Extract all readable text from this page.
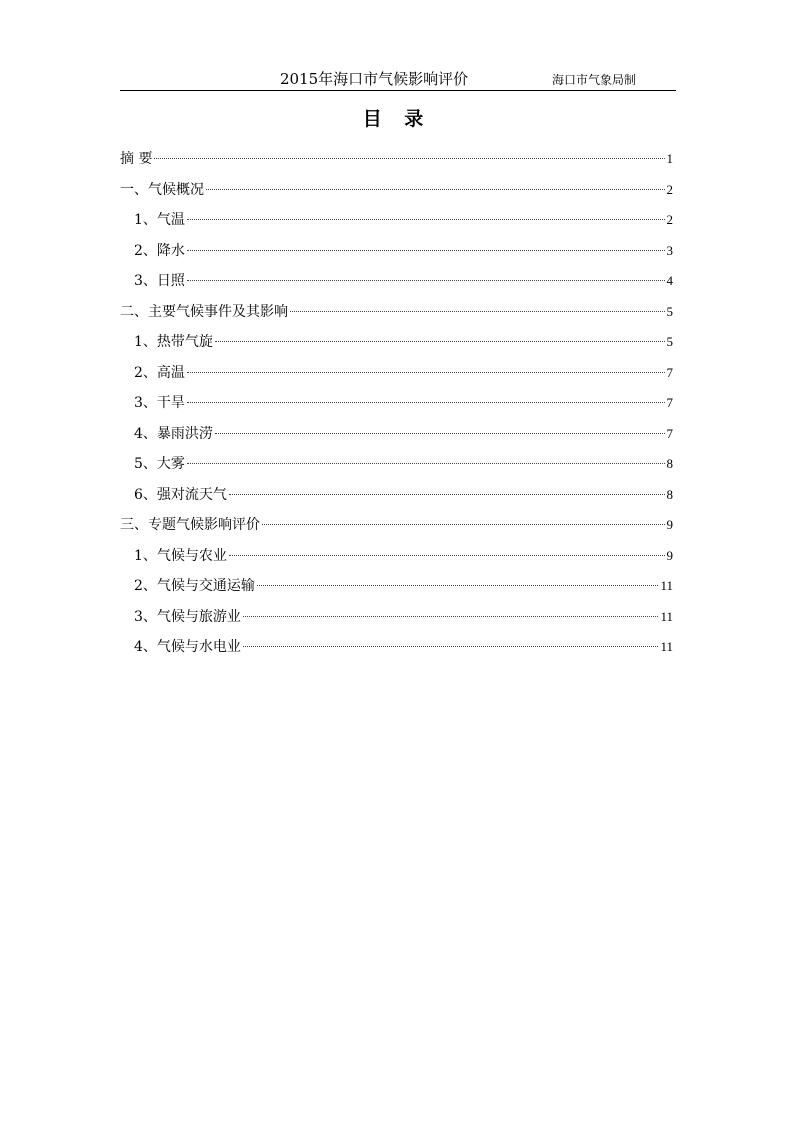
2015年海口市气候影响评价	海口市气象局制
目 录
摘 要	1
一、气候概况	2
1、气温	2
2、降水	3
3、日照	4
二、主要气候事件及其影响	5
1、热带气旋	5
2、高温	7
3、干旱	7
4、暴雨洪涝	7
5、大雾	8
6、强对流天气	8
三、专题气候影响评价	9
1、气候与农业	9
2、气候与交通运输	11
3、气候与旅游业	11
4、气候与水电业	11
